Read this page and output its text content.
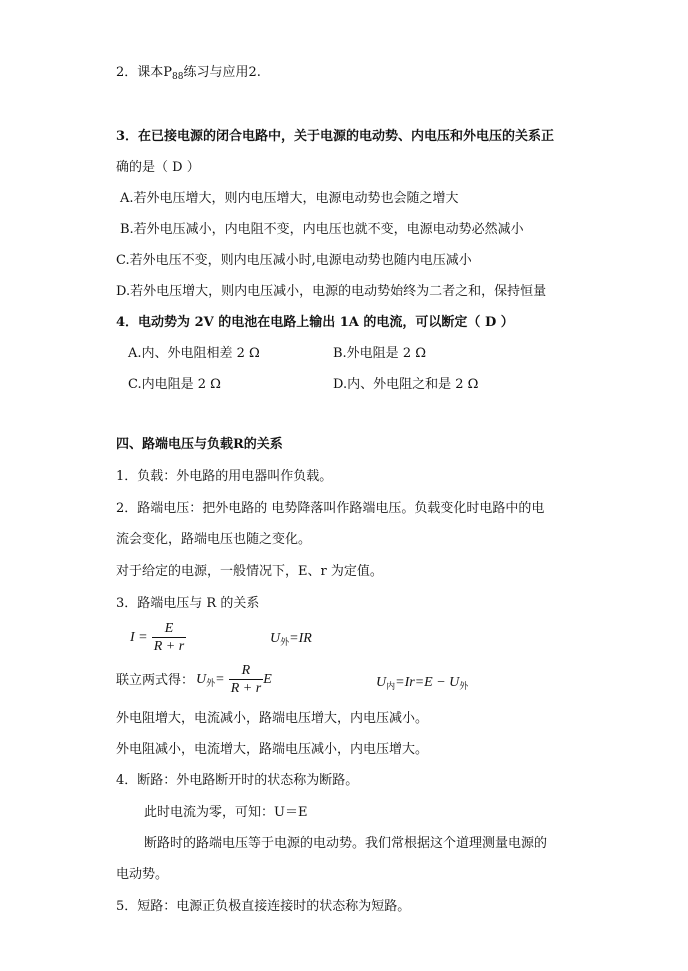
2．课本$P_{88}$练习与应用2.
3．在已接电源的闭合电路中，关于电源的电动势、内电压和外电压的关系正
确的是（ D ）
A.若外电压增大，则内电压增大，电源电动势也会随之增大
B.若外电压减小，内电阻不变，内电压也就不变，电源电动势必然减小
C.若外电压不变，则内电压减小时,电源电动势也随内电压减小
D.若外电压增大，则内电压减小，电源的电动势始终为二者之和，保持恒量
4．电动势为 2V 的电池在电路上输出 1A 的电流，可以断定（ D ）
A.内、外电阻相差 2 Ω	B.外电阻是 2 Ω
C.内电阻是 2 Ω	D.内、外电阻之和是 2 Ω
四、路端电压与负载R的关系
1．负载：外电路的用电器叫作负载。
2．路端电压：把外电路的 电势降落叫作路端电压。负载变化时电路中的电
流会变化，路端电压也随之变化。
对于给定的电源，一般情况下，E、r 为定值。
3．路端电压与 R 的关系
$I = \frac{E}{R + r}$	$U_外=IR$
联立两式得： $U_外= \frac{R}{R + r}$ E	$U_内=Ir=E - U_外$
外电阻增大，电流减小，路端电压增大，内电压减小。
外电阻减小，电流增大，路端电压减小，内电压增大。
4．断路：外电路断开时的状态称为断路。
此时电流为零，可知：U＝E
断路时的路端电压等于电源的电动势。我们常根据这个道理测量电源的
电动势。
5．短路：电源正负极直接连接时的状态称为短路。
